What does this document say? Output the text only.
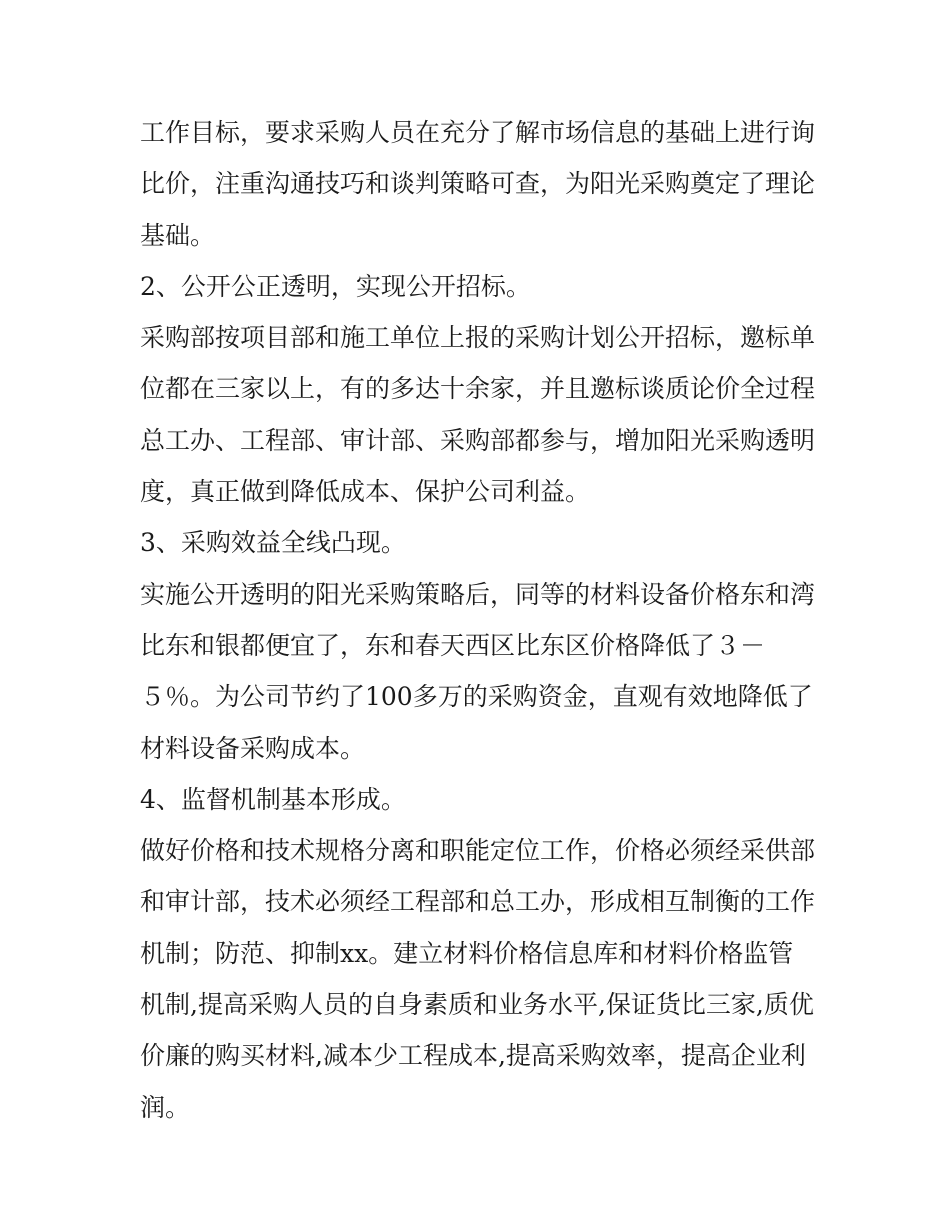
工作目标，要求采购人员在充分了解市场信息的基础上进行询
比价，注重沟通技巧和谈判策略可查，为阳光采购奠定了理论
基础。
2、公开公正透明，实现公开招标。
采购部按项目部和施工单位上报的采购计划公开招标，邀标单
位都在三家以上，有的多达十余家，并且邀标谈质论价全过程
总工办、工程部、审计部、采购部都参与，增加阳光采购透明
度，真正做到降低成本、保护公司利益。
3、采购效益全线凸现。
实施公开透明的阳光采购策略后，同等的材料设备价格东和湾
比东和银都便宜了，东和春天西区比东区价格降低了３－
５％。为公司节约了100多万的采购资金，直观有效地降低了
材料设备采购成本。
4、监督机制基本形成。
做好价格和技术规格分离和职能定位工作，价格必须经采供部
和审计部，技术必须经工程部和总工办，形成相互制衡的工作
机制；防范、抑制xx。建立材料价格信息库和材料价格监管
机制,提高采购人员的自身素质和业务水平,保证货比三家,质优
价廉的购买材料,减本少工程成本,提高采购效率，提高企业利
润。
